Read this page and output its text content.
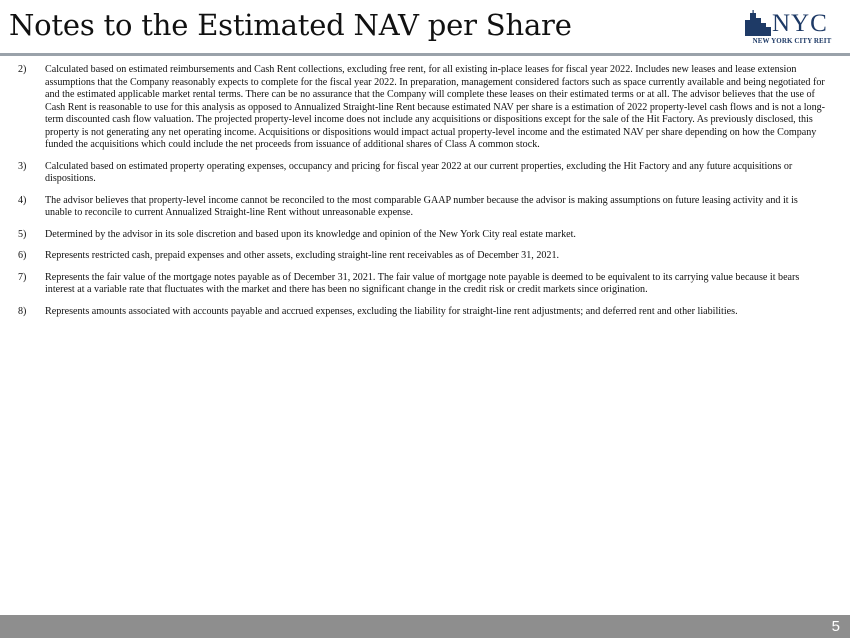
Notes to the Estimated NAV per Share	NYC
NEW YORK CITY REIT
2)	Calculated based on estimated reimbursements and Cash Rent collections, excluding free rent, for all existing in-place leases for fiscal year 2022. Includes new leases and lease extension assumptions that the Company reasonably expects to complete for the fiscal year 2022. In preparation, management considered factors such as space currently available and being negotiated for and the estimated applicable market rental terms. There can be no assurance that the Company will complete these leases on their estimated terms or at all. The advisor believes that the use of Cash Rent is reasonable to use for this analysis as opposed to Annualized Straight-line Rent because estimated NAV per share is a estimation of 2022 property-level cash flows and is not a long-term discounted cash flow valuation. The projected property-level income does not include any acquisitions or dispositions except for the sale of the Hit Factory. As previously disclosed, this property is not generating any net operating income. Acquisitions or dispositions would impact actual property-level income and the estimated NAV per share depending on how the Company funded the acquisitions which could include the net proceeds from issuance of additional shares of Class A common stock.
3)	Calculated based on estimated property operating expenses, occupancy and pricing for fiscal year 2022 at our current properties, excluding the Hit Factory and any future acquisitions or dispositions.
4)	The advisor believes that property-level income cannot be reconciled to the most comparable GAAP number because the advisor is making assumptions on future leasing activity and it is unable to reconcile to current Annualized Straight-line Rent without unreasonable expense.
5)	Determined by the advisor in its sole discretion and based upon its knowledge and opinion of the New York City real estate market.
6)	Represents restricted cash, prepaid expenses and other assets, excluding straight-line rent receivables as of December 31, 2021.
7)	Represents the fair value of the mortgage notes payable as of December 31, 2021. The fair value of mortgage note payable is deemed to be equivalent to its carrying value because it bears interest at a variable rate that fluctuates with the market and there has been no significant change in the credit risk or credit markets since origination.
8)	Represents amounts associated with accounts payable and accrued expenses, excluding the liability for straight-line rent adjustments; and deferred rent and other liabilities.
5
